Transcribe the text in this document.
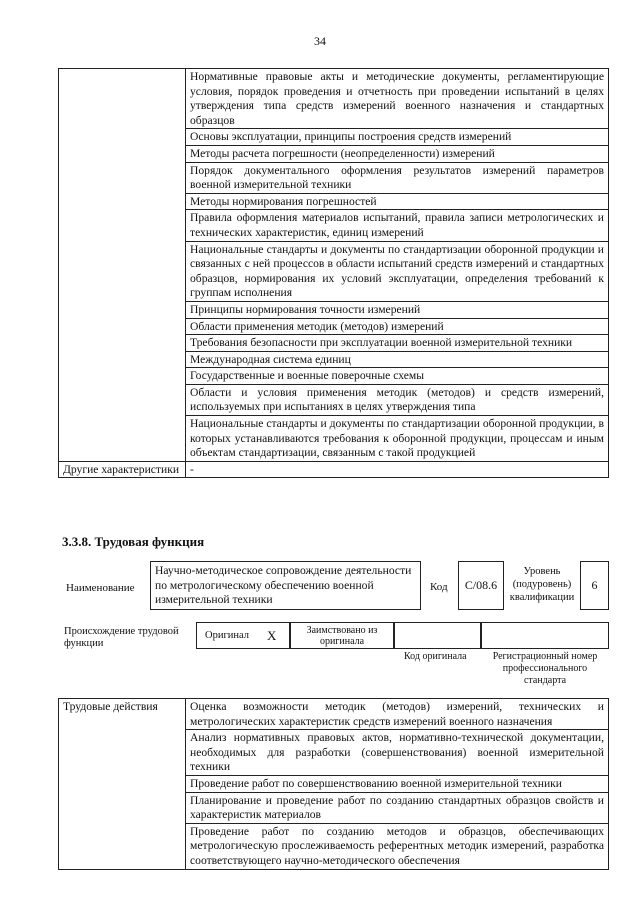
34
	Нормативные правовые акты и методические документы, регламентирующие условия, порядок проведения и отчетность при проведении испытаний в целях утверждения типа средств измерений военного назначения и стандартных образцов
	Основы эксплуатации, принципы построения средств измерений
	Методы расчета погрешности (неопределенности) измерений
	Порядок документального оформления результатов измерений параметров военной измерительной техники
	Методы нормирования погрешностей
	Правила оформления материалов испытаний, правила записи метрологических и технических характеристик, единиц измерений
	Национальные стандарты и документы по стандартизации оборонной продукции и связанных с ней процессов в области испытаний средств измерений и стандартных образцов, нормирования их условий эксплуатации, определения требований к группам исполнения
	Принципы нормирования точности измерений
	Области применения методик (методов) измерений
	Требования безопасности при эксплуатации военной измерительной техники
	Международная система единиц
	Государственные и военные поверочные схемы
	Области и условия применения методик (методов) и средств измерений, используемых при испытаниях в целях утверждения типа
	Национальные стандарты и документы по стандартизации оборонной продукции, в которых устанавливаются требования к оборонной продукции, процессам и иным объектам стандартизации, связанным с такой продукцией
Другие характеристики	-
3.3.8. Трудовая функция
Наименование
Научно-методическое сопровождение деятельности по метрологическому обеспечению военной измерительной техники
Код	C/08.6
Уровень (подуровень) квалификации
6
Происхождение трудовой функции
Оригинал X	Заимствовано из оригинала
Код оригинала	Регистрационный номер профессионального стандарта
Трудовые действия	Оценка возможности методик (методов) измерений, технических и метрологических характеристик средств измерений военного назначения
Анализ нормативных правовых актов, нормативно-технической документации, необходимых для разработки (совершенствования) военной измерительной техники
Проведение работ по совершенствованию военной измерительной техники
Планирование и проведение работ по созданию стандартных образцов свойств и характеристик материалов
Проведение работ по созданию методов и образцов, обеспечивающих метрологическую прослеживаемость референтных методик измерений, разработка соответствующего научно-методического обеспечения
